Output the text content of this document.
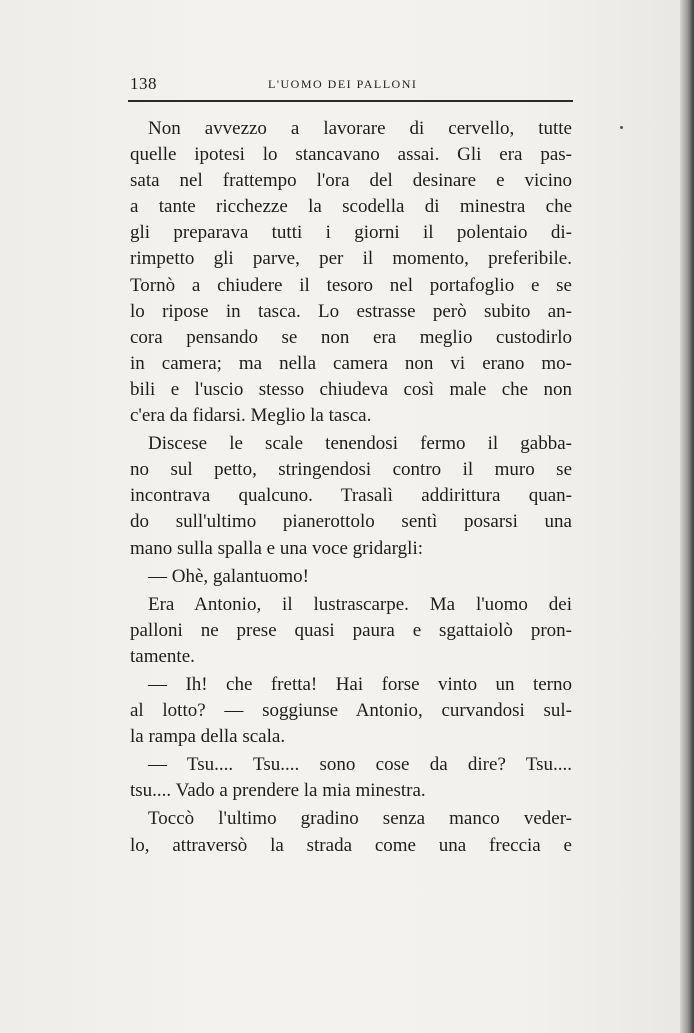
138	L'UOMO DEI PALLONI
Non avvezzo a lavorare di cervello, tutte
quelle ipotesi lo stancavano assai. Gli era pas-
sata nel frattempo l'ora del desinare e vicino
a tante ricchezze la scodella di minestra che
gli preparava tutti i giorni il polentaio di-
rimpetto gli parve, per il momento, preferibile.
Tornò a chiudere il tesoro nel portafoglio e se
lo ripose in tasca. Lo estrasse però subito an-
cora pensando se non era meglio custodirlo
in camera; ma nella camera non vi erano mo-
bili e l'uscio stesso chiudeva così male che non
c'era da fidarsi. Meglio la tasca.
Discese le scale tenendosi fermo il gabba-
no sul petto, stringendosi contro il muro se
incontrava qualcuno. Trasalì addirittura quan-
do sull'ultimo pianerottolo sentì posarsi una
mano sulla spalla e una voce gridargli:
— Ohè, galantuomo!
Era Antonio, il lustrascarpe. Ma l'uomo dei
palloni ne prese quasi paura e sgattaiolò pron-
tamente.
— Ih! che fretta! Hai forse vinto un terno
al lotto? — soggiunse Antonio, curvandosi sul-
la rampa della scala.
— Tsu.... Tsu.... sono cose da dire? Tsu....
tsu.... Vado a prendere la mia minestra.
Toccò l'ultimo gradino senza manco veder-
lo, attraversò la strada come una freccia e
